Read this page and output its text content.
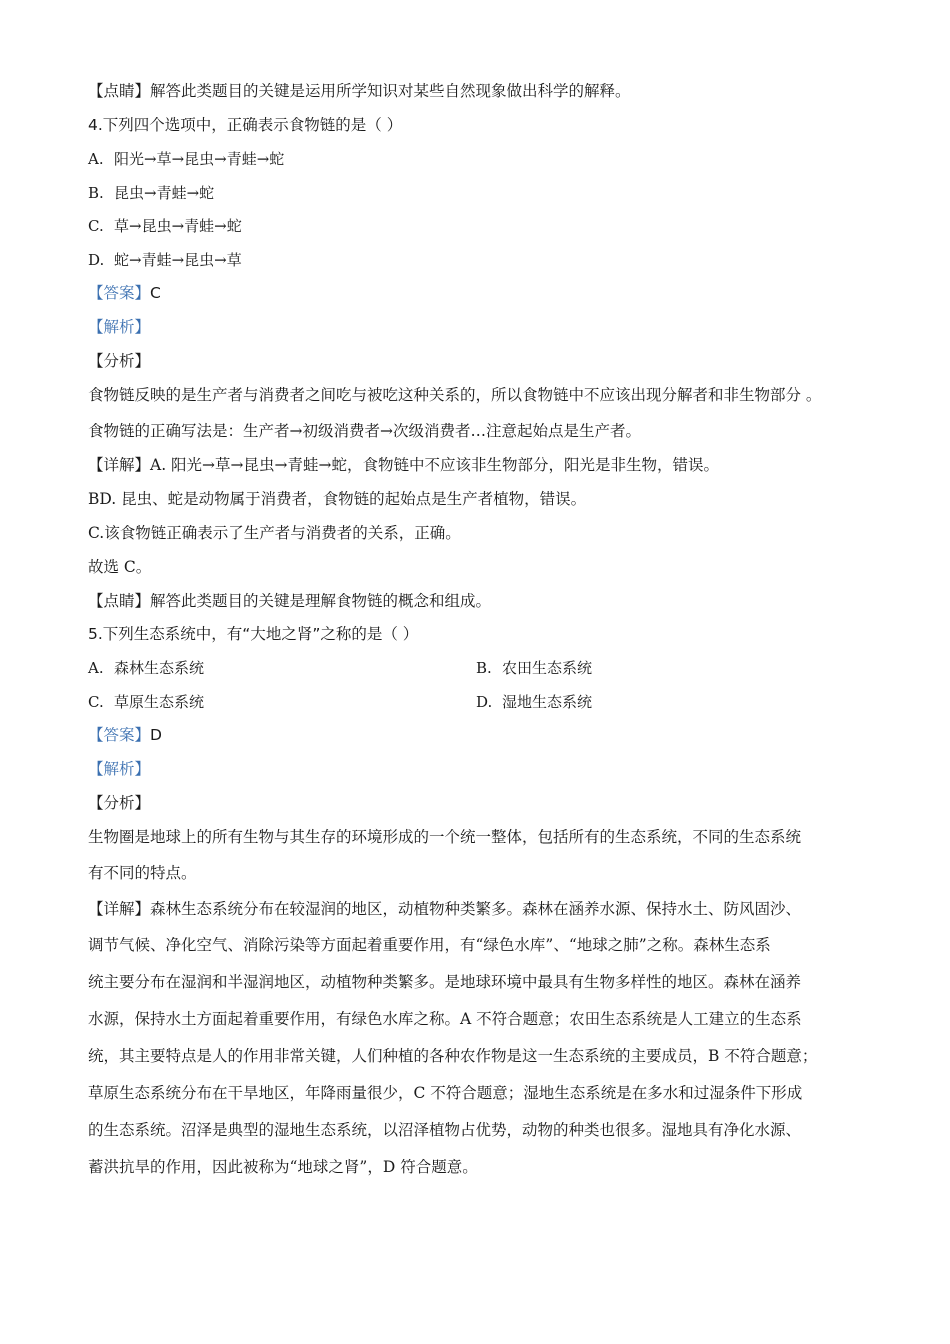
【点睛】解答此类题目的关键是运用所学知识对某些自然现象做出科学的解释。
4.下列四个选项中，正确表示食物链的是（ ）
A. 阳光→草→昆虫→青蛙→蛇
B. 昆虫→青蛙→蛇
C. 草→昆虫→青蛙→蛇
D. 蛇→青蛙→昆虫→草
【答案】C
【解析】
【分析】
食物链反映的是生产者与消费者之间吃与被吃这种关系的，所以食物链中不应该出现分解者和非生物部分 。
食物链的正确写法是：生产者→初级消费者→次级消费者…注意起始点是生产者。
【详解】A. 阳光→草→昆虫→青蛙→蛇，食物链中不应该非生物部分，阳光是非生物，错误。
BD. 昆虫、蛇是动物属于消费者，食物链的起始点是生产者植物，错误。
C.该食物链正确表示了生产者与消费者的关系，正确。
故选 C。
【点睛】解答此类题目的关键是理解食物链的概念和组成。
5.下列生态系统中，有“大地之肾”之称的是（ ）
A. 森林生态系统	B. 农田生态系统
C. 草原生态系统	D. 湿地生态系统
【答案】D
【解析】
【分析】
生物圈是地球上的所有生物与其生存的环境形成的一个统一整体，包括所有的生态系统，不同的生态系统
有不同的特点。
【详解】森林生态系统分布在较湿润的地区，动植物种类繁多。森林在涵养水源、保持水土、防风固沙、
调节气候、净化空气、消除污染等方面起着重要作用，有“绿色水库”、“地球之肺”之称。森林生态系
统主要分布在湿润和半湿润地区，动植物种类繁多。是地球环境中最具有生物多样性的地区。森林在涵养
水源，保持水土方面起着重要作用，有绿色水库之称。A 不符合题意；农田生态系统是人工建立的生态系
统，其主要特点是人的作用非常关键，人们种植的各种农作物是这一生态系统的主要成员，B 不符合题意；
草原生态系统分布在干旱地区，年降雨量很少，C 不符合题意；湿地生态系统是在多水和过湿条件下形成
的生态系统。沼泽是典型的湿地生态系统，以沼泽植物占优势，动物的种类也很多。湿地具有净化水源、
蓄洪抗旱的作用，因此被称为“地球之肾”，D 符合题意。
